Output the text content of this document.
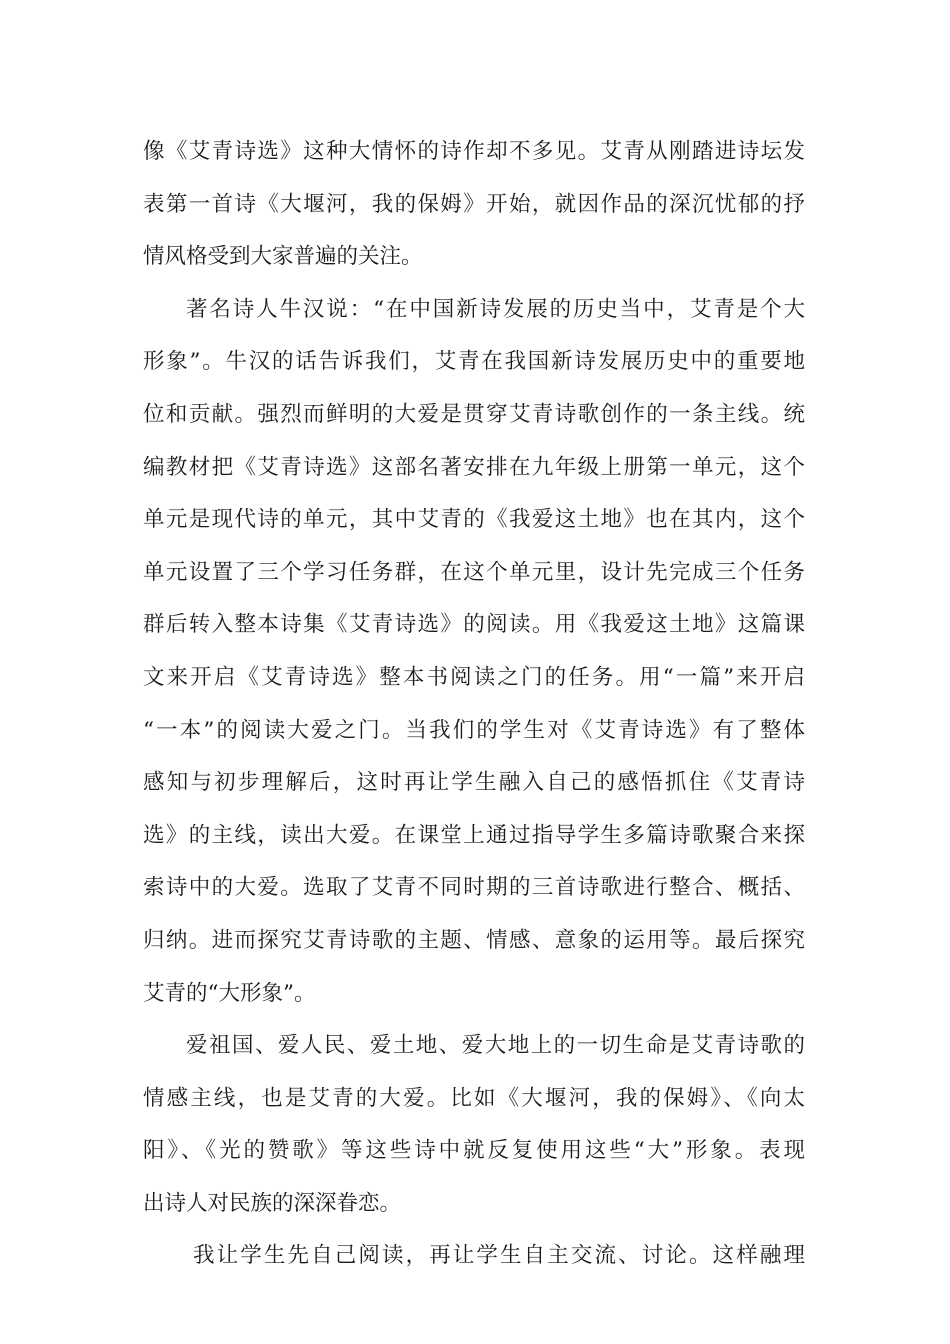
像《艾青诗选》这种大情怀的诗作却不多见。艾青从刚踏进诗坛发
表第一首诗《大堰河，我的保姆》开始，就因作品的深沉忧郁的抒
情风格受到大家普遍的关注。
著名诗人牛汉说：“在中国新诗发展的历史当中，艾青是个大
形象”。牛汉的话告诉我们，艾青在我国新诗发展历史中的重要地
位和贡献。强烈而鲜明的大爱是贯穿艾青诗歌创作的一条主线。统
编教材把《艾青诗选》这部名著安排在九年级上册第一单元，这个
单元是现代诗的单元，其中艾青的《我爱这土地》也在其内，这个
单元设置了三个学习任务群，在这个单元里，设计先完成三个任务
群后转入整本诗集《艾青诗选》的阅读。用《我爱这土地》这篇课
文来开启《艾青诗选》整本书阅读之门的任务。用“一篇”来开启
“一本”的阅读大爱之门。当我们的学生对《艾青诗选》有了整体
感知与初步理解后，这时再让学生融入自己的感悟抓住《艾青诗
选》的主线，读出大爱。在课堂上通过指导学生多篇诗歌聚合来探
索诗中的大爱。选取了艾青不同时期的三首诗歌进行整合、概括、
归纳。进而探究艾青诗歌的主题、情感、意象的运用等。最后探究
艾青的“大形象”。
爱祖国、爱人民、爱土地、爱大地上的一切生命是艾青诗歌的
情感主线，也是艾青的大爱。比如《大堰河，我的保姆》、《向太
阳》、《光的赞歌》等这些诗中就反复使用这些“大”形象。表现
出诗人对民族的深深眷恋。
我让学生先自己阅读，再让学生自主交流、讨论。这样融理
